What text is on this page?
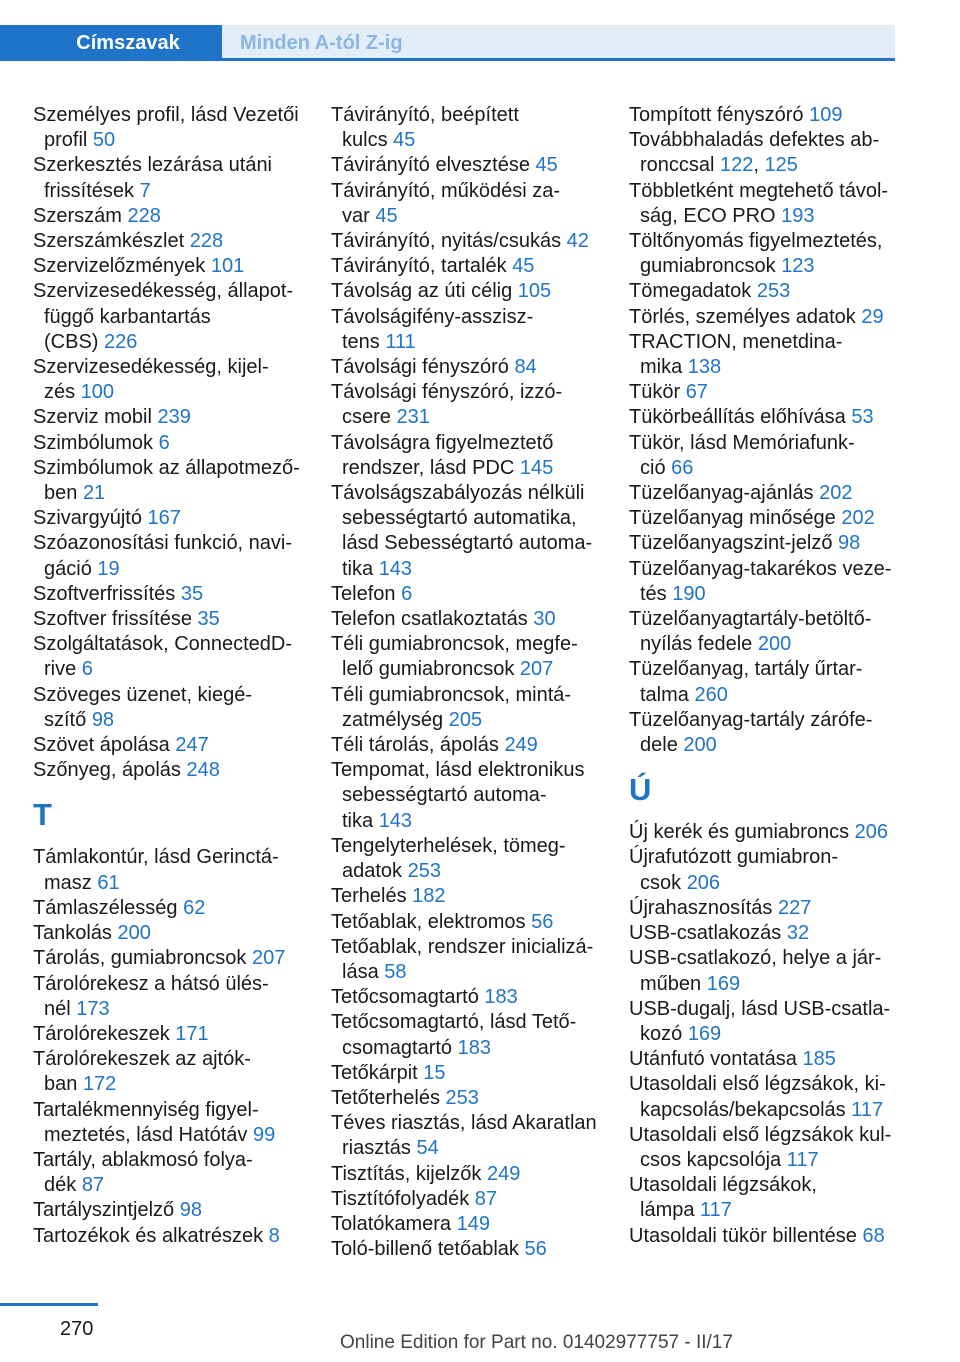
Címszavak	Minden A-tól Z-ig
Személyes profil, lásd Vezetői
profil 50
Szerkesztés lezárása utáni
frissítések 7
Szerszám 228
Szerszámkészlet 228
Szervizelőzmények 101
Szervizesedékesség, állapot-
függő karbantartás
(CBS) 226
Szervizesedékesség, kijel-
zés 100
Szerviz mobil 239
Szimbólumok 6
Szimbólumok az állapotmező-
ben 21
Szivargyújtó 167
Szóazonosítási funkció, navi-
gáció 19
Szoftverfrissítés 35
Szoftver frissítése 35
Szolgáltatások, ConnectedD-
rive 6
Szöveges üzenet, kiegé-
szítő 98
Szövet ápolása 247
Szőnyeg, ápolás 248
T
Támlakontúr, lásd Gerinctá-
masz 61
Támlaszélesség 62
Tankolás 200
Tárolás, gumiabroncsok 207
Tárolórekesz a hátsó ülés-
nél 173
Tárolórekeszek 171
Tárolórekeszek az ajtók-
ban 172
Tartalékmennyiség figyel-
meztetés, lásd Hatótáv 99
Tartály, ablakmosó folya-
dék 87
Tartályszintjelző 98
Tartozékok és alkatrészek 8
Távirányító, beépített
kulcs 45
Távirányító elvesztése 45
Távirányító, működési za-
var 45
Távirányító, nyitás/csukás 42
Távirányító, tartalék 45
Távolság az úti célig 105
Távolságifény-asszisz-
tens 111
Távolsági fényszóró 84
Távolsági fényszóró, izzó-
csere 231
Távolságra figyelmeztető
rendszer, lásd PDC 145
Távolságszabályozás nélküli
sebességtartó automatika,
lásd Sebességtartó automa-
tika 143
Telefon 6
Telefon csatlakoztatás 30
Téli gumiabroncsok, megfe-
lelő gumiabroncsok 207
Téli gumiabroncsok, mintá-
zatmélység 205
Téli tárolás, ápolás 249
Tempomat, lásd elektronikus
sebességtartó automa-
tika 143
Tengelyterhelések, tömeg-
adatok 253
Terhelés 182
Tetőablak, elektromos 56
Tetőablak, rendszer inicializá-
lása 58
Tetőcsomagtartó 183
Tetőcsomagtartó, lásd Tető-
csomagtartó 183
Tetőkárpit 15
Tetőterhelés 253
Téves riasztás, lásd Akaratlan
riasztás 54
Tisztítás, kijelzők 249
Tisztítófolyadék 87
Tolatókamera 149
Toló-billenő tetőablak 56
Tompított fényszóró 109
Továbbhaladás defektes ab-
ronccsal 122, 125
Többletként megtehető távol-
ság, ECO PRO 193
Töltőnyomás figyelmeztetés,
gumiabroncsok 123
Tömegadatok 253
Törlés, személyes adatok 29
TRACTION, menetdina-
mika 138
Tükör 67
Tükörbeállítás előhívása 53
Tükör, lásd Memóriafunk-
ció 66
Tüzelőanyag-ajánlás 202
Tüzelőanyag minősége 202
Tüzelőanyagszint-jelző 98
Tüzelőanyag-takarékos veze-
tés 190
Tüzelőanyagtartály-betöltő-
nyílás fedele 200
Tüzelőanyag, tartály űrtar-
talma 260
Tüzelőanyag-tartály zárófe-
dele 200
Ú
Új kerék és gumiabroncs 206
Újrafutózott gumiabron-
csok 206
Újrahasznosítás 227
USB-csatlakozás 32
USB-csatlakozó, helye a jár-
műben 169
USB-dugalj, lásd USB-csatla-
kozó 169
Utánfutó vontatása 185
Utasoldali első légzsákok, ki-
kapcsolás/bekapcsolás 117
Utasoldali első légzsákok kul-
csos kapcsolója 117
Utasoldali légzsákok,
lámpa 117
Utasoldali tükör billentése 68
270
Online Edition for Part no. 01402977757 - II/17
